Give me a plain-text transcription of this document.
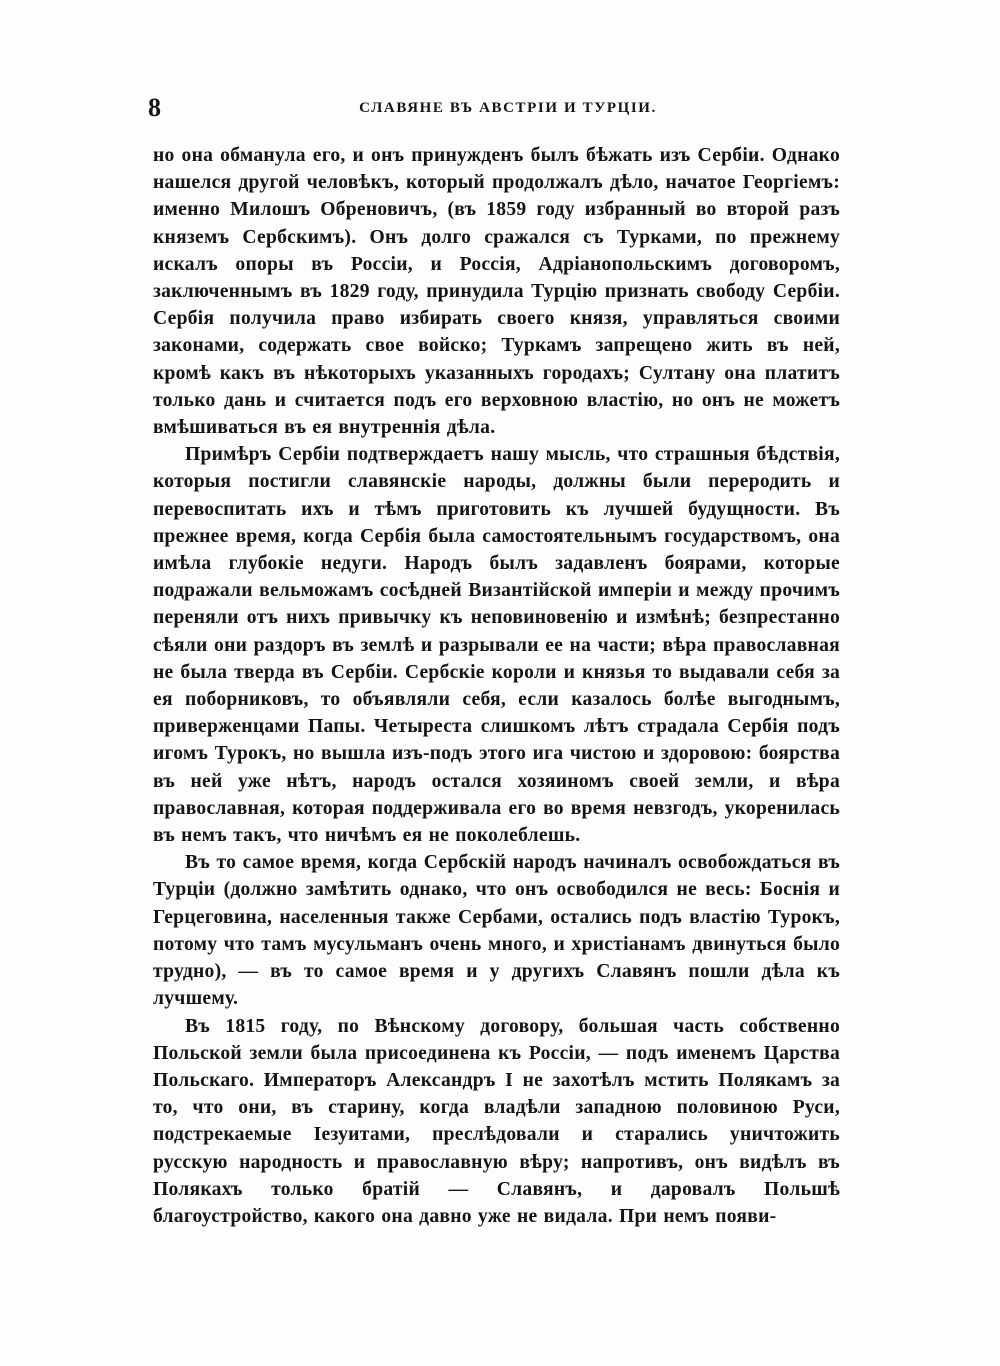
8	СЛАВЯНЕ ВЪ АВСТРІИ И ТУРЦІИ.

но она обманула его, и онъ принужденъ былъ бѣжать изъ Сербіи. Однако нашелся другой человѣкъ, который продолжалъ дѣло, начатое Георгіемъ: именно Милошъ Обреновичъ, (въ 1859 году избранный во второй разъ княземъ Сербскимъ). Онъ долго сражался съ Турками, по прежнему искалъ опоры въ Россіи, и Россія, Адріанопольскимъ договоромъ, заключеннымъ въ 1829 году, принудила Турцію признать свободу Сербіи. Сербія получила право избирать своего князя, управляться своими законами, содержать свое войско; Туркамъ запрещено жить въ ней, кромѣ какъ въ нѣкоторыхъ указанныхъ городахъ; Султану она платитъ только дань и считается подъ его верховною властію, но онъ не можетъ вмѣшиваться въ ея внутреннія дѣла.

Примѣръ Сербіи подтверждаетъ нашу мысль, что страшныя бѣдствія, которыя постигли славянскіе народы, должны были переродить и перевоспитать ихъ и тѣмъ приготовить къ лучшей будущности. Въ прежнее время, когда Сербія была самостоятельнымъ государствомъ, она имѣла глубокіе недуги. Народъ былъ задавленъ боярами, которые подражали вельможамъ сосѣдней Византійской имперіи и между прочимъ переняли отъ нихъ привычку къ неповиновенію и измѣнѣ; безпрестанно сѣяли они раздоръ въ землѣ и разрывали ее на части; вѣра православная не была тверда въ Сербіи. Сербскіе короли и князья то выдавали себя за ея поборниковъ, то объявляли себя, если казалось болѣе выгоднымъ, приверженцами Папы. Четыреста слишкомъ лѣтъ страдала Сербія подъ игомъ Турокъ, но вышла изъ-подъ этого ига чистою и здоровою: боярства въ ней уже нѣтъ, народъ остался хозяиномъ своей земли, и вѣра православная, которая поддерживала его во время невзгодъ, укоренилась въ немъ такъ, что ничѣмъ ея не поколеблешь.

Въ то самое время, когда Сербскій народъ начиналъ освобождаться въ Турціи (должно замѣтить однако, что онъ освободился не весь: Боснія и Герцеговина, населенныя также Сербами, остались подъ властію Турокъ, потому что тамъ мусульманъ очень много, и христіанамъ двинуться было трудно), — въ то самое время и у другихъ Славянъ пошли дѣла къ лучшему.

Въ 1815 году, по Вѣнскому договору, большая часть собственно Польской земли была присоединена къ Россіи, — подъ именемъ Царства Польскаго. Императоръ Александръ I не захотѣлъ мстить Полякамъ за то, что они, въ старину, когда владѣли западною половиною Руси, подстрекаемые Іезуитами, преслѣдовали и старались уничтожить русскую народность и православную вѣру; напротивъ, онъ видѣлъ въ Полякахъ только братій — Славянъ, и даровалъ Польшѣ благоустройство, какого она давно уже не видала. При немъ появи-
